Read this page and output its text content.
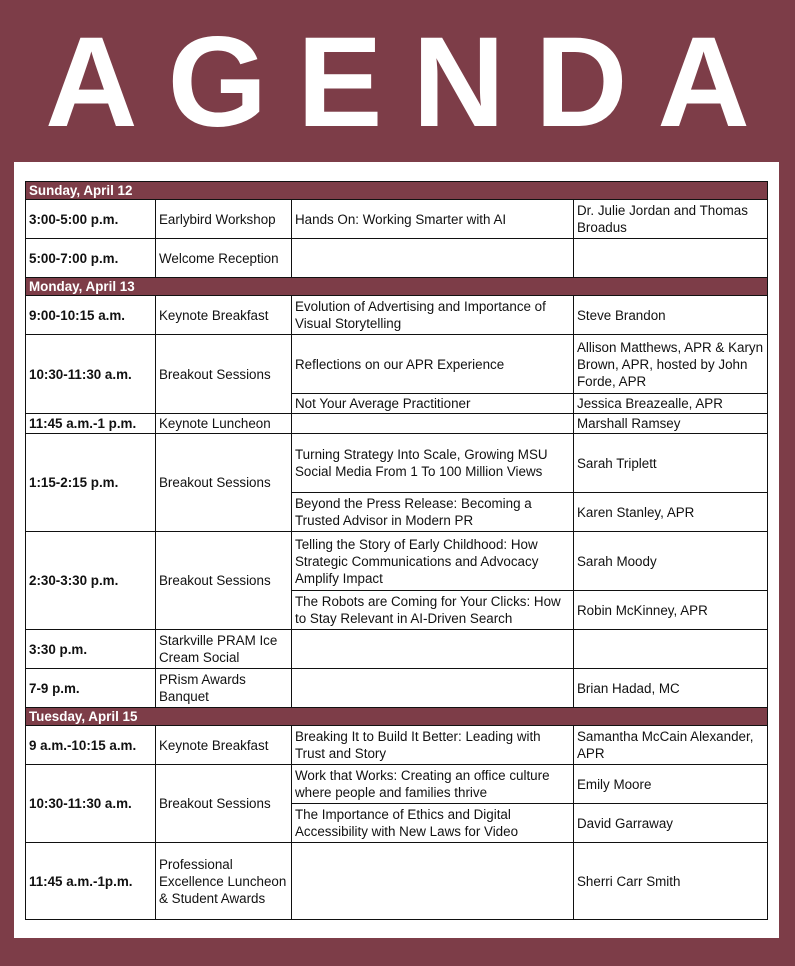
AGENDA
Sunday, April 12			
3:00-5:00 p.m.	Earlybird Workshop	Hands On: Working Smarter with AI	Dr. Julie Jordan and Thomas Broadus
5:00-7:00 p.m.	Welcome Reception		
Monday, April 13			
9:00-10:15 a.m.	Keynote Breakfast	Evolution of Advertising and Importance of Visual Storytelling	Steve Brandon
10:30-11:30 a.m.	Breakout Sessions	Reflections on our APR Experience	Allison Matthews, APR & Karyn Brown, APR, hosted by John Forde, APR
		Not Your Average Practitioner	Jessica Breazealle, APR
11:45 a.m.-1 p.m.	Keynote Luncheon		Marshall Ramsey
1:15-2:15 p.m.	Breakout Sessions	Turning Strategy Into Scale, Growing MSU Social Media From 1 To 100 Million Views	Sarah Triplett
		Beyond the Press Release: Becoming a Trusted Advisor in Modern PR	Karen Stanley, APR
2:30-3:30 p.m.	Breakout Sessions	Telling the Story of Early Childhood: How Strategic Communications and Advocacy Amplify Impact	Sarah Moody
		The Robots are Coming for Your Clicks: How to Stay Relevant in AI-Driven Search	Robin McKinney, APR
3:30 p.m.	Starkville PRAM Ice Cream Social		
7-9 p.m.	PRism Awards Banquet		Brian Hadad, MC
Tuesday, April 15			
9 a.m.-10:15 a.m.	Keynote Breakfast	Breaking It to Build It Better: Leading with Trust and Story	Samantha McCain Alexander, APR
10:30-11:30 a.m.	Breakout Sessions	Work that Works: Creating an office culture where people and families thrive	Emily Moore
		The Importance of Ethics and Digital Accessibility with New Laws for Video	David Garraway
11:45 a.m.-1p.m.	Professional Excellence Luncheon & Student Awards		Sherri Carr Smith
